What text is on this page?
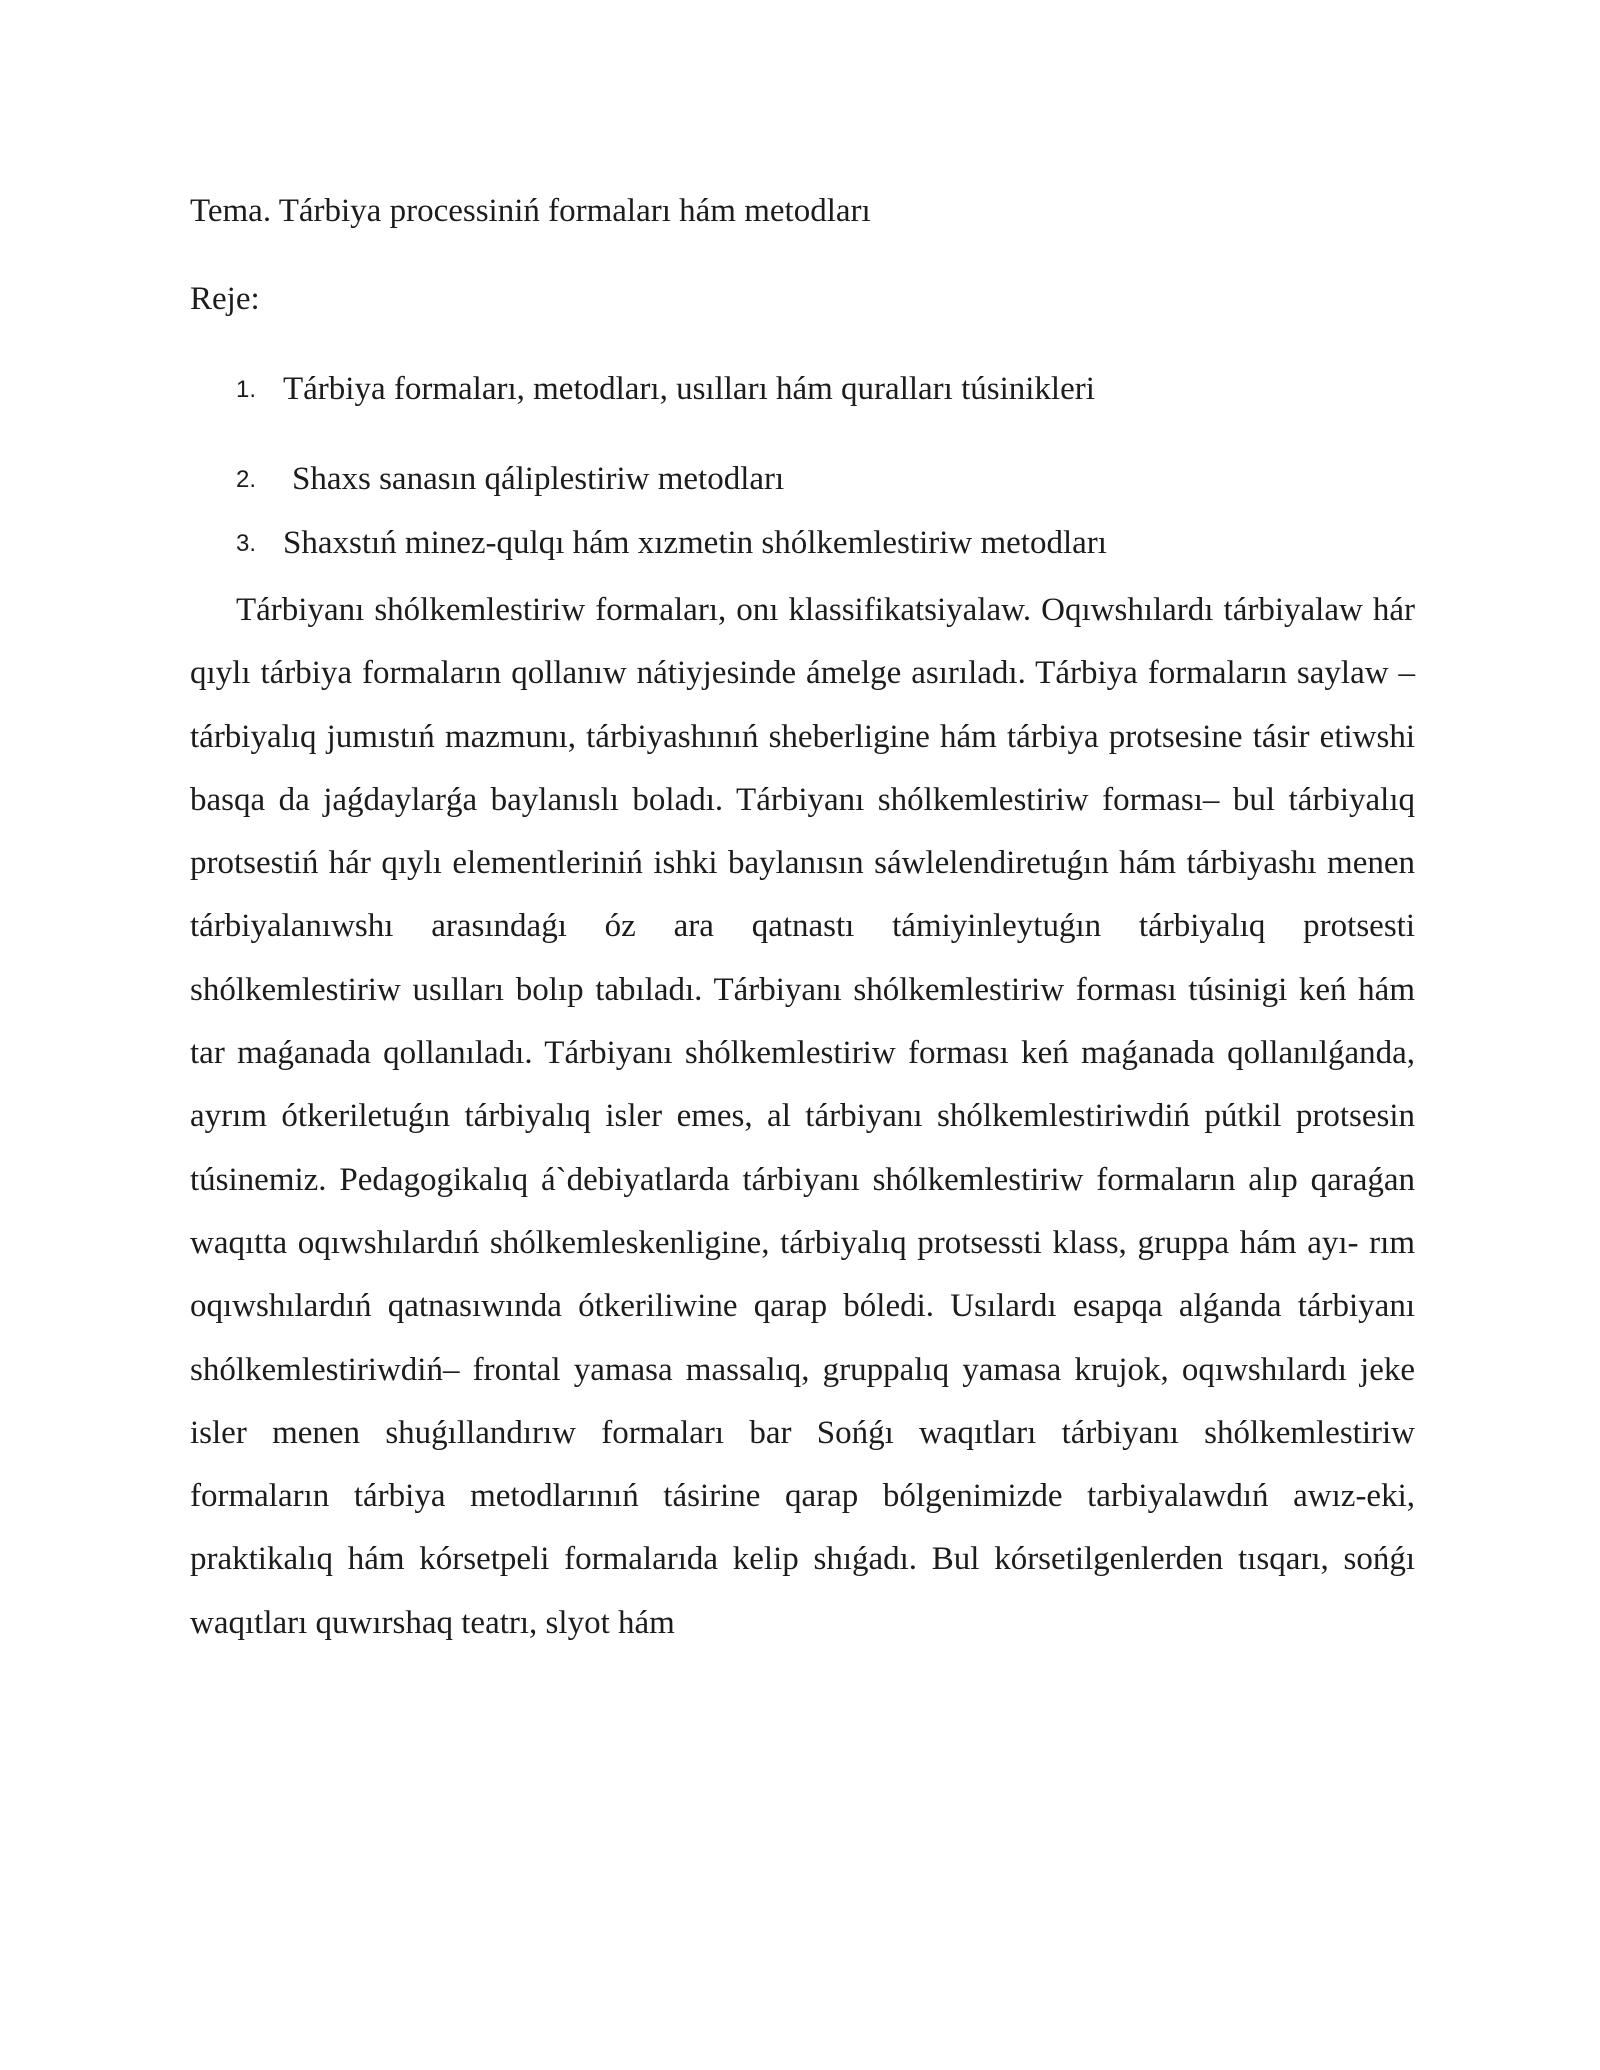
Tema. Tárbiya processiniń formaları hám metodları

Reje:

1. Tárbiya formaları, metodları, usılları hám quralları túsinikleri
2. Shaxs sanasın qáliplestiriw metodları
3. Shaxstıń minez-qulqı hám xızmetin shólkemlestiriw metodları

Tárbiyanı shólkemlestiriw formaları, onı klassifikatsiyalaw. Oqıwshılardı tárbiyalaw hár qıylı tárbiya formaların qollanıw nátiyjesinde ámelge asırıladı. Tárbiya formaların saylaw – tárbiyalıq jumıstıń mazmunı, tárbiyashınıń sheberligine hám tárbiya protsesine tásir etiwshi basqa da jaǵdaylarǵa baylanıslı boladı. Tárbiyanı shólkemlestiriw forması– bul tárbiyalıq protsestiń hár qıylı elementleriniń ishki baylanısın sáwlelendiretuǵın hám tárbiyashı menen tárbiyalanıwshı arasındaǵı óz ara qatnastı támiyinleytuǵın tárbiyalıq protsesti shólkemlestiriw usılları bolıp tabıladı. Tárbiyanı shólkemlestiriw forması túsinigi keń hám tar maǵanada qollanıladı. Tárbiyanı shólkemlestiriw forması keń maǵanada qollanılǵanda, ayrım ótkeriletuǵın tárbiyalıq isler emes, al tárbiyanı shólkemlestiriwdiń pútkil protsesin túsinemiz. Pedagogikalıq á`debiyatlarda tárbiyanı shólkemlestiriw formaların alıp qaraǵan waqıtta oqıwshılardıń shólkemleskenligine, tárbiyalıq protsessti klass, gruppa hám ayı- rım oqıwshılardıń qatnasıwında ótkeriliwine qarap bóledi. Usılardı esapqa alǵanda tárbiyanı shólkemlestiriwdiń– frontal yamasa massalıq, gruppalıq yamasa krujok, oqıwshılardı jeke isler menen shuǵıllandırıw formaları bar Sońǵı waqıtları tárbiyanı shólkemlestiriw formaların tárbiya metodlarınıń tásirine qarap bólgenimizde tarbiyalawdıń awız-eki, praktikalıq hám kórsetpeli formalarıda kelip shıǵadı. Bul kórsetilgenlerden tısqarı, sońǵı waqıtları quwırshaq teatrı, slyot hám
